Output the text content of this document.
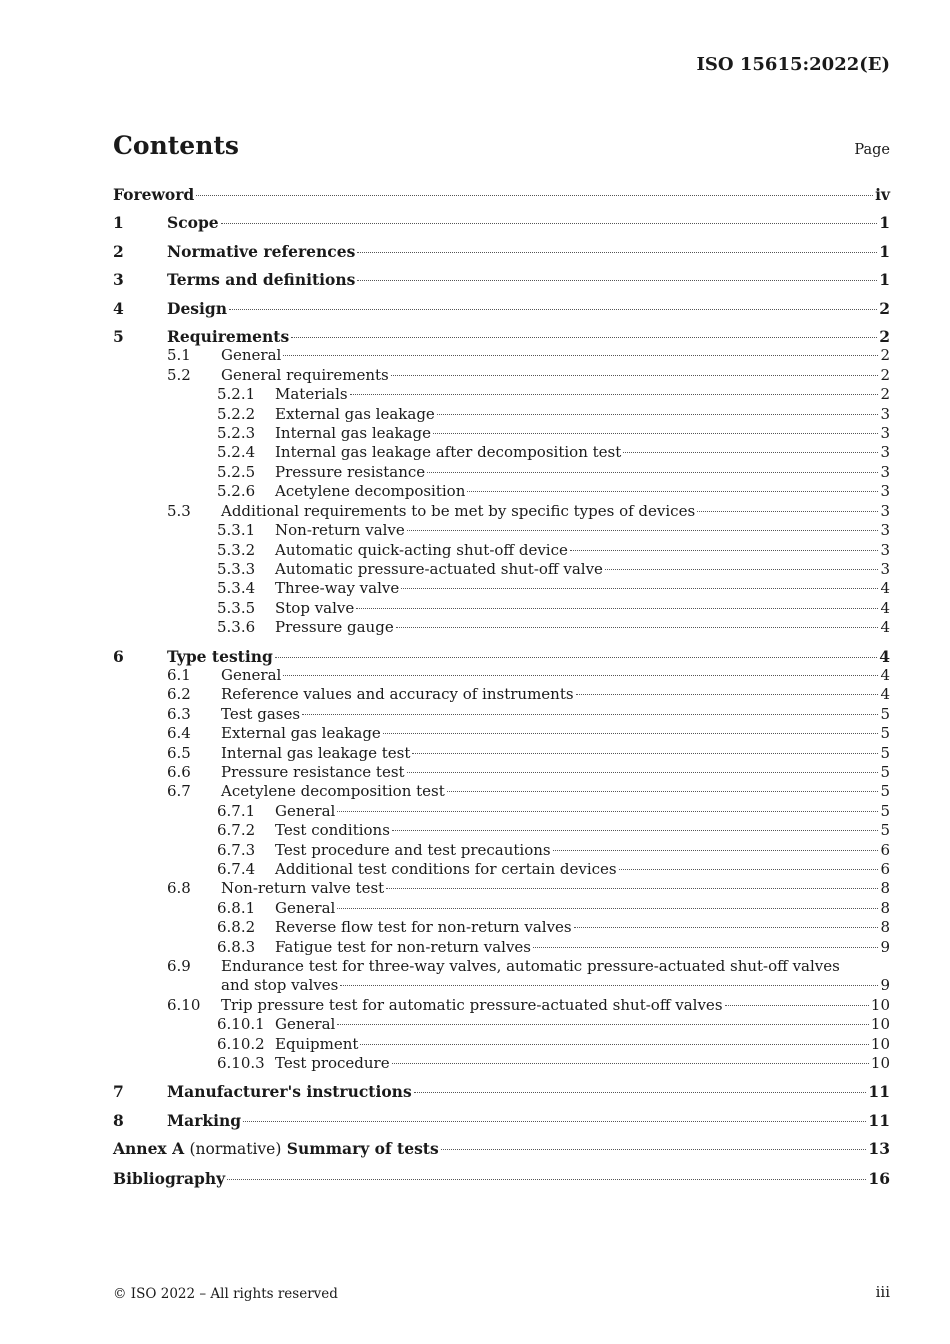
ISO 15615:2022(E)
Contents	Page
Foreword	iv
1	Scope	1
2	Normative references	1
3	Terms and definitions	1
4	Design	2
5	Requirements	2
5.1	General	2
5.2	General requirements	2
5.2.1	Materials	2
5.2.2	External gas leakage	3
5.2.3	Internal gas leakage	3
5.2.4	Internal gas leakage after decomposition test	3
5.2.5	Pressure resistance	3
5.2.6	Acetylene decomposition	3
5.3	Additional requirements to be met by specific types of devices	3
5.3.1	Non-return valve	3
5.3.2	Automatic quick-acting shut-off device	3
5.3.3	Automatic pressure-actuated shut-off valve	3
5.3.4	Three-way valve	4
5.3.5	Stop valve	4
5.3.6	Pressure gauge	4
6	Type testing	4
6.1	General	4
6.2	Reference values and accuracy of instruments	4
6.3	Test gases	5
6.4	External gas leakage	5
6.5	Internal gas leakage test	5
6.6	Pressure resistance test	5
6.7	Acetylene decomposition test	5
6.7.1	General	5
6.7.2	Test conditions	5
6.7.3	Test procedure and test precautions	6
6.7.4	Additional test conditions for certain devices	6
6.8	Non-return valve test	8
6.8.1	General	8
6.8.2	Reverse flow test for non-return valves	8
6.8.3	Fatigue test for non-return valves	9
6.9	Endurance test for three-way valves, automatic pressure-actuated shut-off valves
and stop valves	9
6.10	Trip pressure test for automatic pressure-actuated shut-off valves	10
6.10.1 General	10
6.10.2 Equipment	10
6.10.3 Test procedure	10
7	Manufacturer's instructions	11
8	Marking	11
Annex A (normative) Summary of tests	13
Bibliography	16
© ISO 2022 – All rights reserved	iii
